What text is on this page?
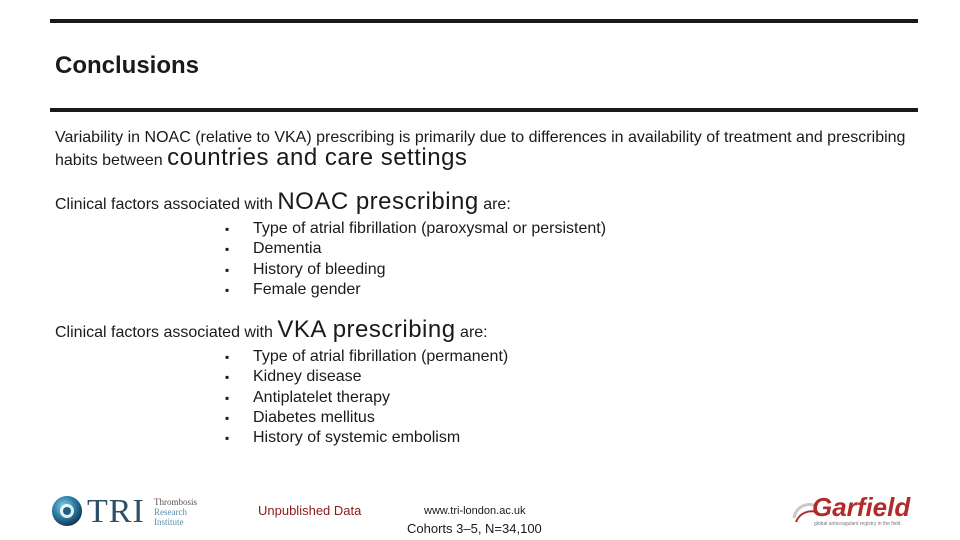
Conclusions

Variability in NOAC (relative to VKA) prescribing is primarily due to differences in availability of treatment and prescribing habits between countries and care settings

Clinical factors associated with NOAC prescribing are:

▪ Type of atrial fibrillation (paroxysmal or persistent)
▪ Dementia
▪ History of bleeding
▪ Female gender

Clinical factors associated with VKA prescribing are:

▪ Type of atrial fibrillation (permanent)
▪ Kidney disease
▪ Antiplatelet therapy
▪ Diabetes mellitus
▪ History of systemic embolism
TRI Thrombosis
Research
Institute
Unpublished Data	www.tri-london.ac.uk
Cohorts 3–5, N=34,100
Garfield
global anticoagulant registry in the field
